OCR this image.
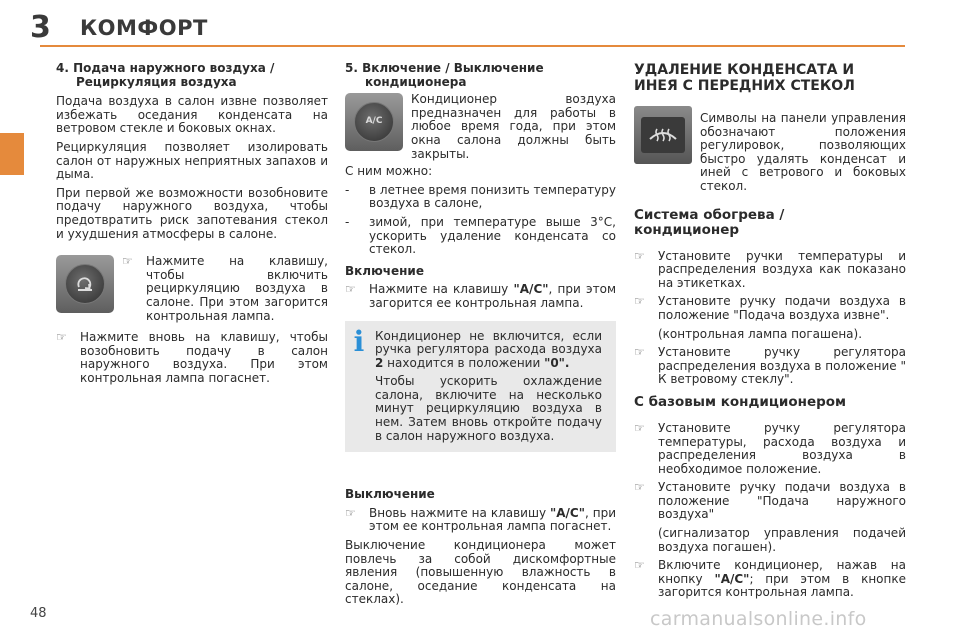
3 КОМФОРТ
4. Подача наружного воздуха /
Рециркуляция воздуха

Подача воздуха в салон извне позволяет избежать оседания конденсата на ветровом стекле и боковых окнах.

Рециркуляция позволяет изолировать салон от наружных неприятных запахов и дыма.

При первой же возможности возобновите подачу наружного воздуха, чтобы предотвратить риск запотевания стекол и ухудшения атмосферы в салоне.

☞	Нажмите на клавишу, чтобы включить рециркуляцию воздуха в салоне. При этом загорится контрольная лампа.
☞	Нажмите вновь на клавишу, чтобы возобновить подачу в салон наружного воздуха. При этом контрольная лампа погаснет.
5. Включение / Выключение
кондиционера
A/C

Кондиционер воздуха предназначен для работы в любое время года, при этом окна салона должны быть закрыты.

С ним можно:

-	в летнее время понизить температуру воздуха в салоне,
-	зимой, при температуре выше 3°С, ускорить удаление конденсата со стекол.
Включение
☞	Нажмите на клавишу "A/C", при этом загорится ее контрольная лампа.
i Кондиционер не включится, если ручка регулятора расхода воздуха 2 находится в положении "0".

Чтобы ускорить охлаждение салона, включите на несколько минут рециркуляцию воздуха в нем. Затем вновь откройте подачу в салон наружного воздуха.

Выключение
☞	Вновь нажмите на клавишу "A/C", при этом ее контрольная лампа погаснет.

Выключение кондиционера может повлечь за собой дискомфортные явления (повышенную влажность в салоне, оседание конденсата на стеклах).

УДАЛЕНИЕ КОНДЕНСАТА И
ИНЕЯ С ПЕРЕДНИХ СТЕКОЛ

Символы на панели управления обозначают положения регулировок, позволяющих быстро удалять конденсат и иней с ветрового и боковых стекол.

Система обогрева /
кондиционер
☞	Установите ручки температуры и распределения воздуха как показано на этикетках.
☞	Установите ручку подачи воздуха в положение "Подача воздуха извне".

(контрольная лампа погашена).

☞	Установите ручку регулятора распределения воздуха в положение " К ветровому стеклу".
С базовым кондиционером
☞	Установите ручку регулятора температуры, расхода воздуха и распределения воздуха в необходимое положение.
☞	Установите ручку подачи воздуха в положение "Подача наружного воздуха"

(сигнализатор управления подачей воздуха погашен).

☞	Включите кондиционер, нажав на кнопку "A/C"; при этом в кнопке загорится контрольная лампа.
48	carmanualsonline.info
